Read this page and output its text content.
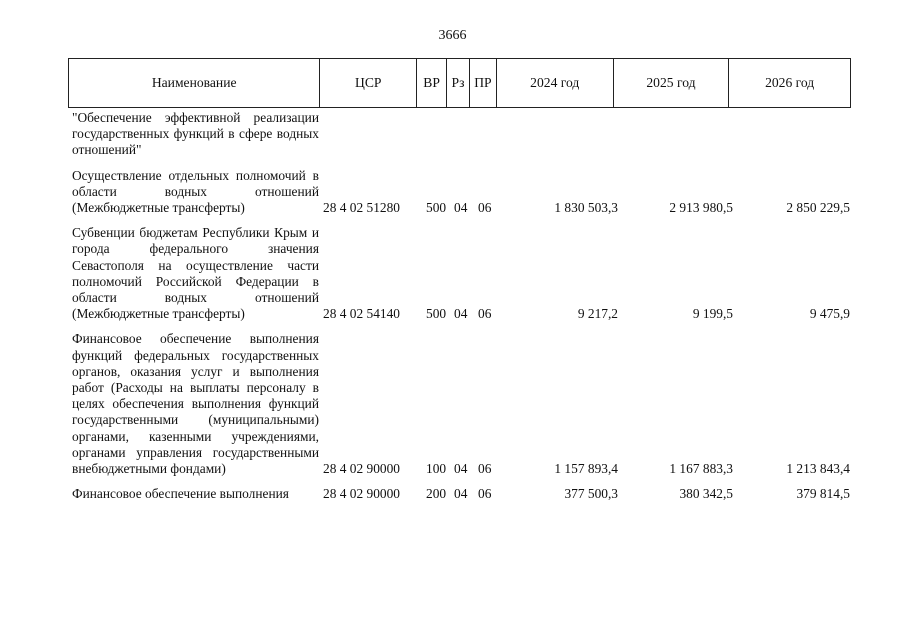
3666
Наименование	ЦСР	ВР Рз ПР	2024 год	2025 год	2026 год
"Обеспечение эффективной реализации государственных функций в сфере водных отношений"
Осуществление отдельных полномочий в области водных отношений (Межбюджетные трансферты)	28 4 02 51280 500 04 06	1 830 503,3	2 913 980,5	2 850 229,5
Субвенции бюджетам Республики Крым и города федерального значения Севастополя на осуществление части полномочий Российской Федерации в области водных отношений (Межбюджетные трансферты)	28 4 02 54140 500 04 06	9 217,2	9 199,5	9 475,9
Финансовое обеспечение выполнения функций федеральных государственных органов, оказания услуг и выполнения работ (Расходы на выплаты персоналу в целях обеспечения выполнения функций государственными (муниципальными) органами, казенными учреждениями, органами управления государственными внебюджетными фондами)	28 4 02 90000 100 04 06	1 157 893,4	1 167 883,3	1 213 843,4
Финансовое обеспечение выполнения	28 4 02 90000 200 04 06	377 500,3	380 342,5	379 814,5
